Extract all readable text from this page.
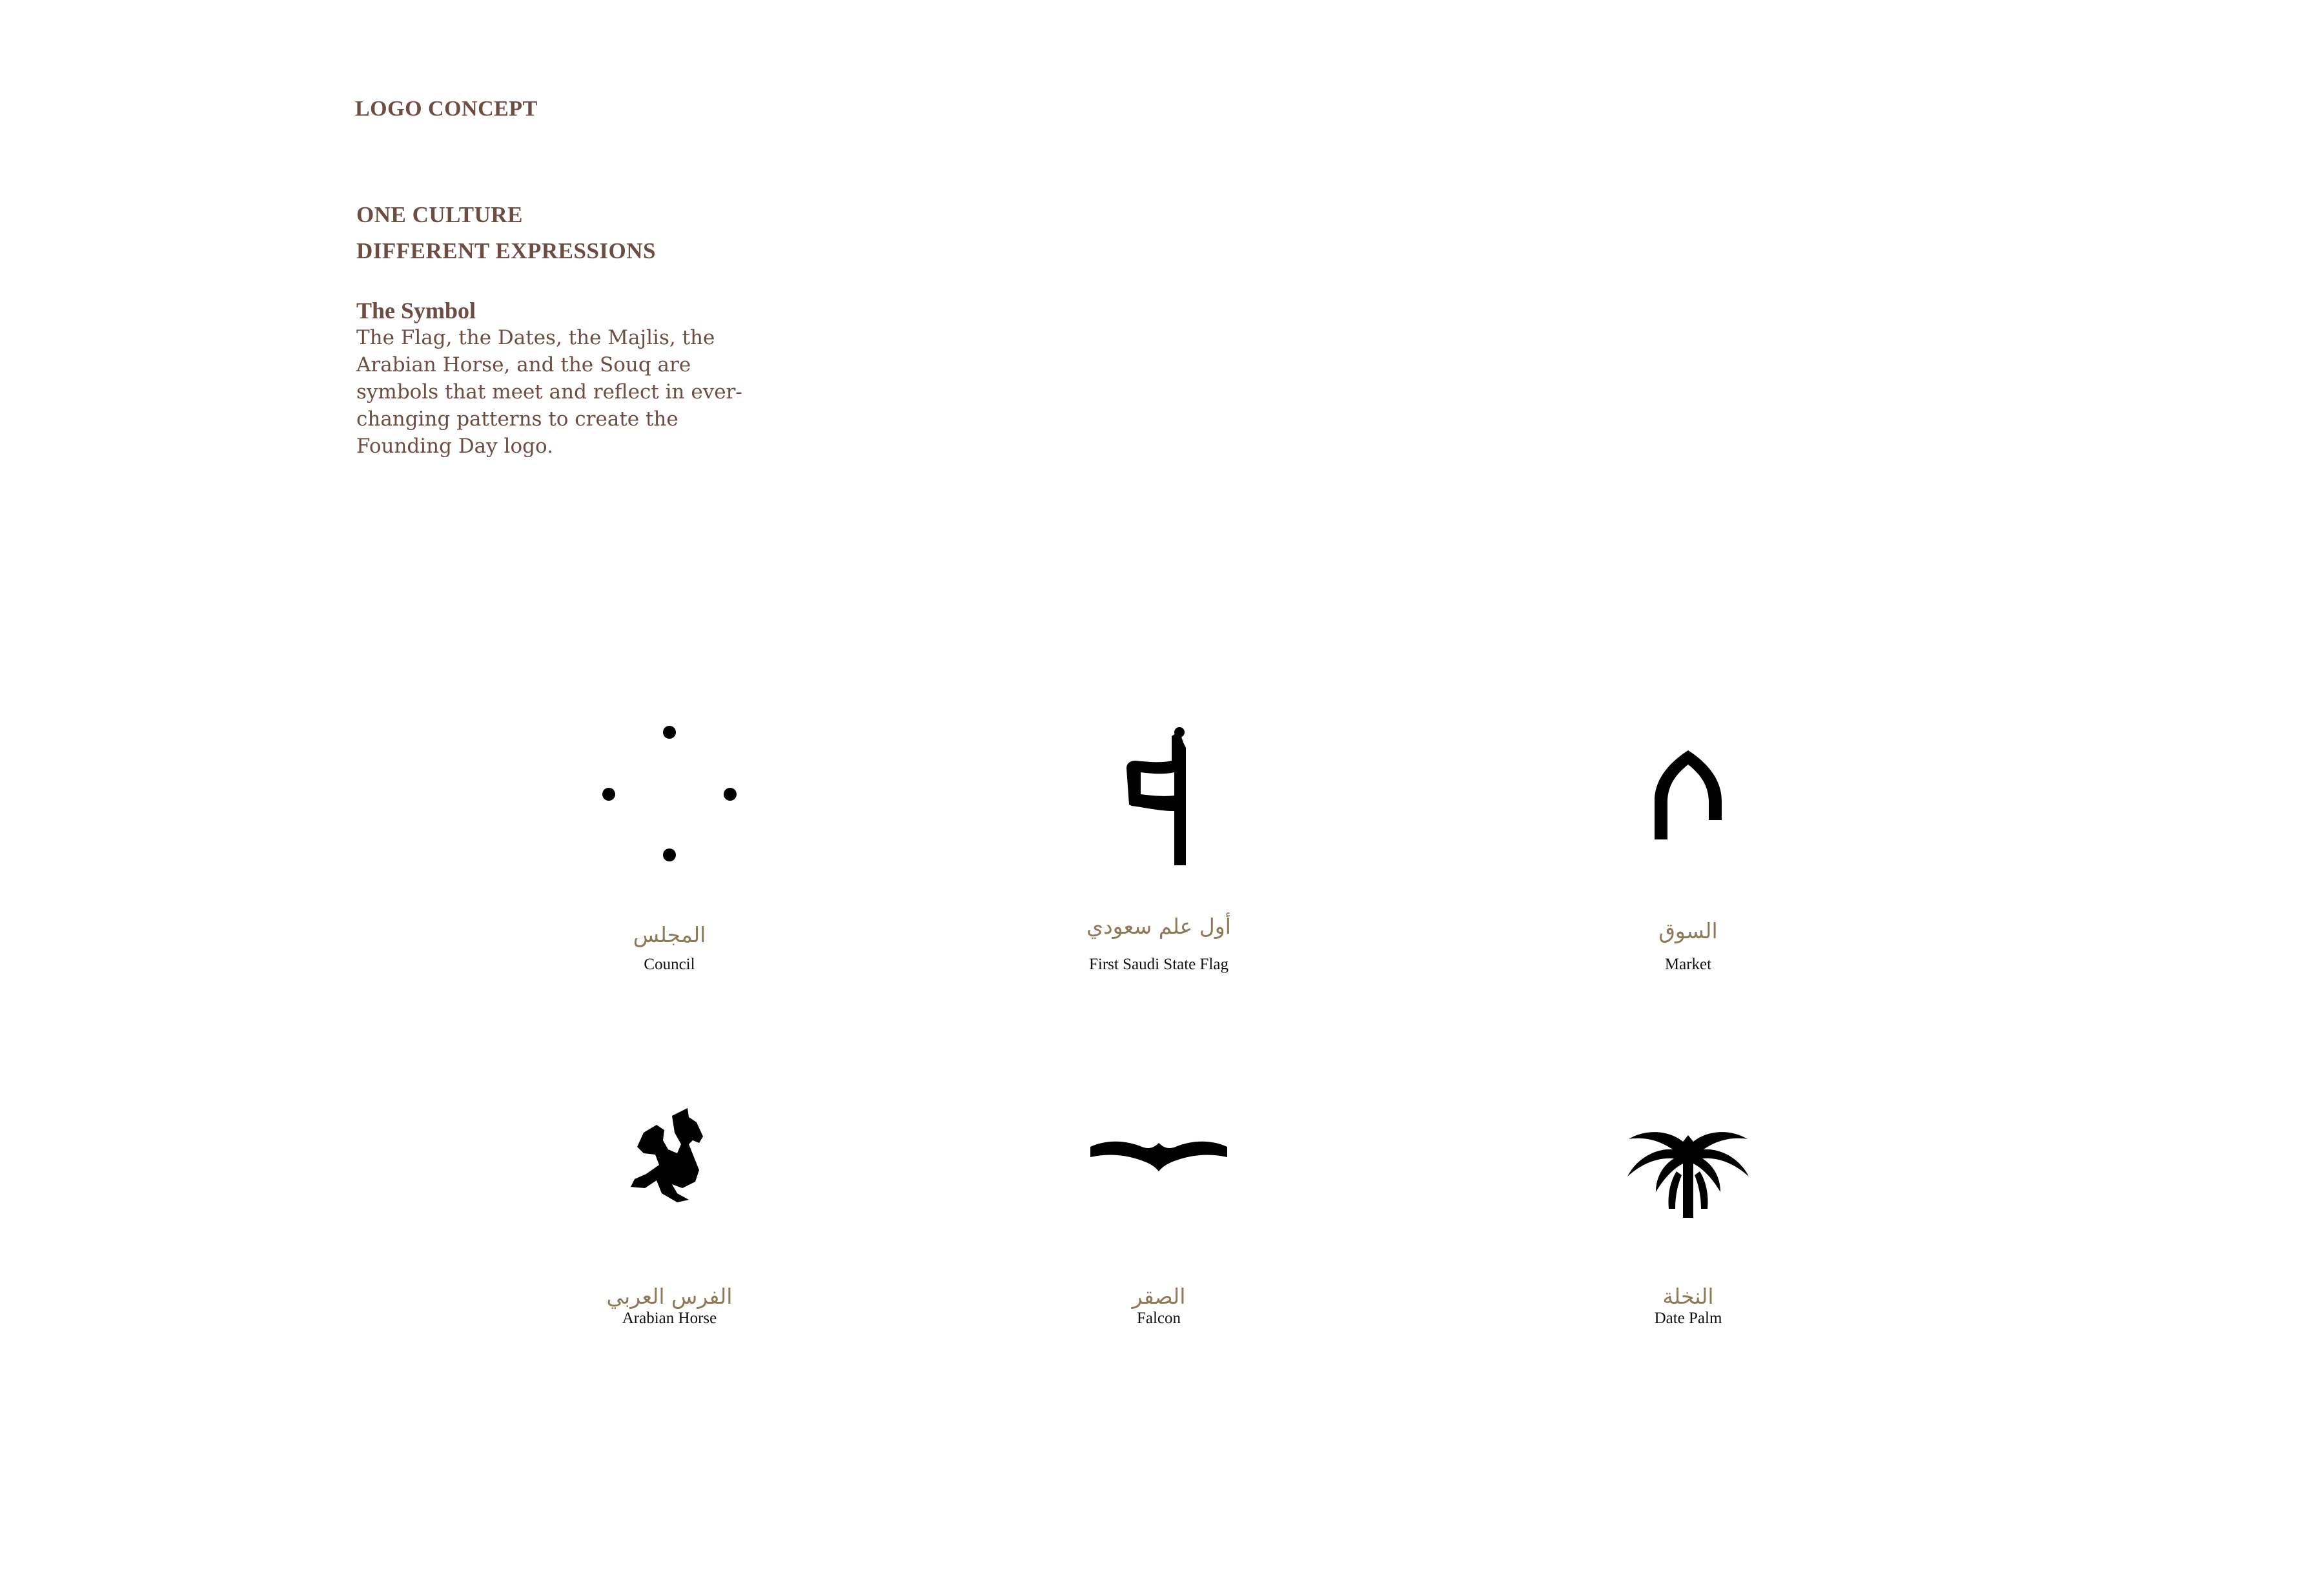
LOGO CONCEPT

ONE CULTURE
DIFFERENT EXPRESSIONS
The Symbol

The Flag, the Dates, the Majlis, the Arabian Horse, and the Souq are symbols that meet and reflect in ever-changing patterns to create the Founding Day logo.

المجلس
Council
أول علم سعودي
First Saudi State Flag
السوق
Market
الفرس العربي
Arabian Horse
الصقر
Falcon
النخلة
Date Palm
